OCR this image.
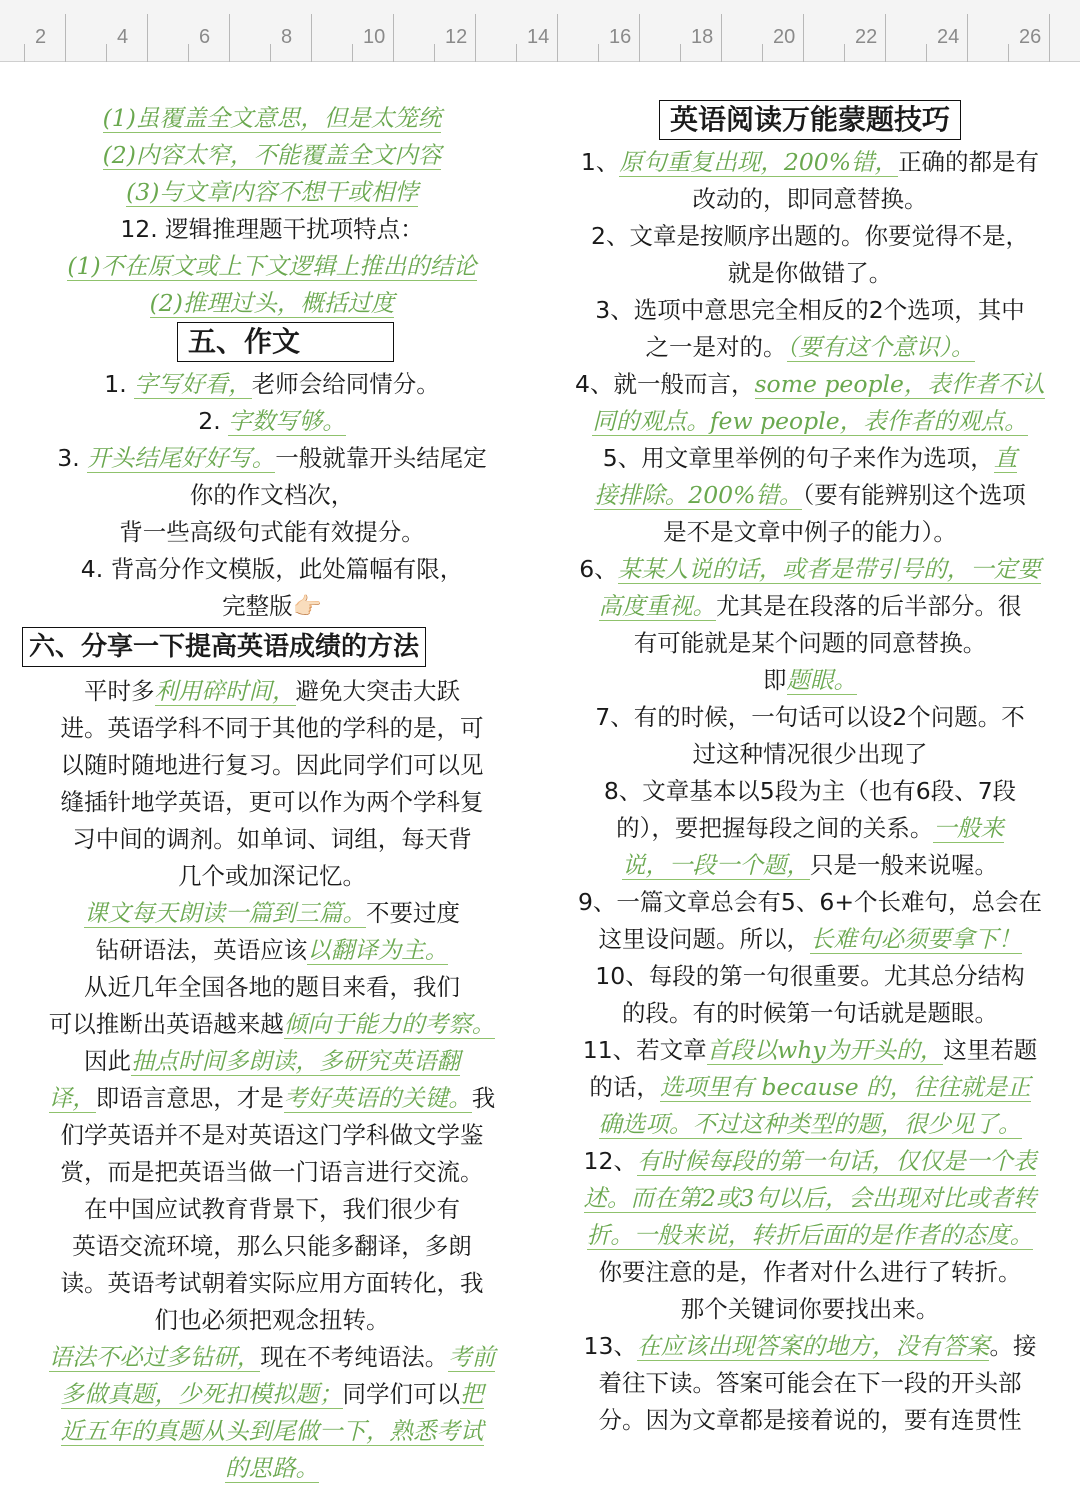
2	4	6	8	10	12	14	16	18	20	22	24	26
(1)虽覆盖全文意思，但是太笼统
(2)内容太窄，不能覆盖全文内容
(3)与文章内容不想干或相悖
12. 逻辑推理题干扰项特点：
(1)不在原文或上下文逻辑上推出的结论
(2)推理过头，概括过度
五、作文
1. 字写好看，老师会给同情分。
2. 字数写够。
3. 开头结尾好好写。一般就靠开头结尾定
你的作文档次，
背一些高级句式能有效提分。
4. 背高分作文模版，此处篇幅有限，
完整版👉🏻
六、分享一下提高英语成绩的方法
平时多利用碎时间，避免大突击大跃
进。英语学科不同于其他的学科的是，可
以随时随地进行复习。因此同学们可以见
缝插针地学英语，更可以作为两个学科复
习中间的调剂。如单词、词组，每天背
几个或加深记忆。
课文每天朗读一篇到三篇。不要过度
钻研语法，英语应该以翻译为主。
从近几年全国各地的题目来看，我们
可以推断出英语越来越倾向于能力的考察。
因此抽点时间多朗读，多研究英语翻
译，即语言意思，才是考好英语的关键。我
们学英语并不是对英语这门学科做文学鉴
赏，而是把英语当做一门语言进行交流。
在中国应试教育背景下，我们很少有
英语交流环境，那么只能多翻译，多朗
读。英语考试朝着实际应用方面转化，我
们也必须把观念扭转。
语法不必过多钻研，现在不考纯语法。考前
多做真题，少死扣模拟题；同学们可以把
近五年的真题从头到尾做一下，熟悉考试
的思路。
英语阅读万能蒙题技巧
1、原句重复出现，200%错，正确的都是有
改动的，即同意替换。
2、文章是按顺序出题的。你要觉得不是，
就是你做错了。
3、选项中意思完全相反的2个选项，其中
之一是对的。（要有这个意识）。
4、就一般而言，some people，表作者不认
同的观点。few people，表作者的观点。
5、用文章里举例的句子来作为选项，直
接排除。200%错。（要有能辨别这个选项
是不是文章中例子的能力）。
6、某某人说的话，或者是带引号的，一定要
高度重视。尤其是在段落的后半部分。很
有可能就是某个问题的同意替换。
即题眼。
7、有的时候，一句话可以设2个问题。不
过这种情况很少出现了
8、文章基本以5段为主（也有6段、7段
的），要把握每段之间的关系。一般来
说，一段一个题，只是一般来说喔。
9、一篇文章总会有5、6+个长难句，总会在
这里设问题。所以，长难句必须要拿下！
10、每段的第一句很重要。尤其总分结构
的段。有的时候第一句话就是题眼。
11、若文章首段以why为开头的，这里若题
的话，选项里有 because 的，往往就是正
确选项。不过这种类型的题，很少见了。
12、有时候每段的第一句话，仅仅是一个表
述。而在第2或3句以后，会出现对比或者转
折。一般来说，转折后面的是作者的态度。
你要注意的是，作者对什么进行了转折。
那个关键词你要找出来。
13、在应该出现答案的地方，没有答案。接
着往下读。答案可能会在下一段的开头部
分。因为文章都是接着说的，要有连贯性
